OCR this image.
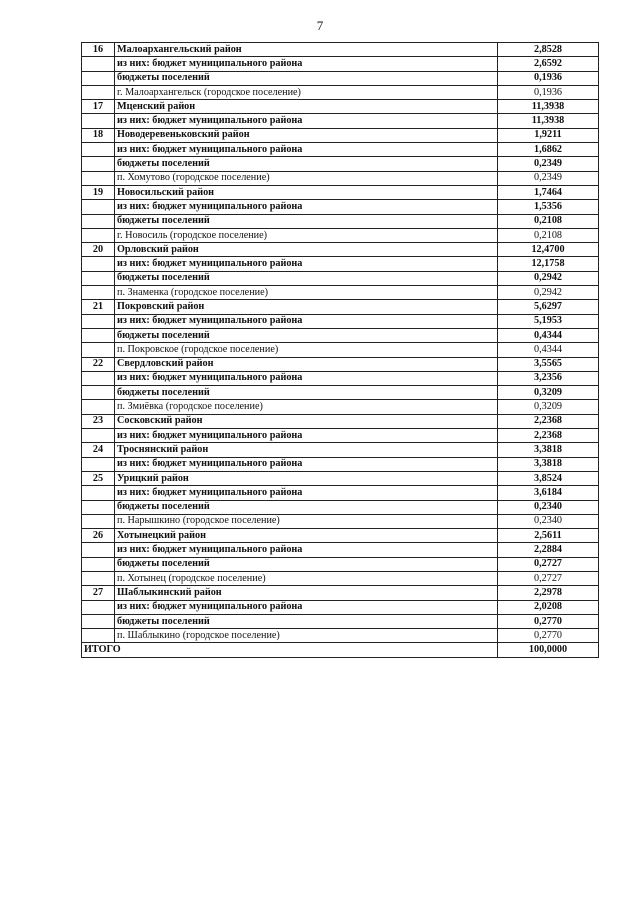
7
16	Малоархангельский район	2,8528
	из них: бюджет муниципального района	2,6592
	бюджеты поселений	0,1936
	г. Малоархангельск (городское поселение)	0,1936
17	Мценский район	11,3938
	из них: бюджет муниципального района	11,3938
18	Новодеревеньковский район	1,9211
	из них: бюджет муниципального района	1,6862
	бюджеты поселений	0,2349
	п. Хомутово (городское поселение)	0,2349
19	Новосильский район	1,7464
	из них: бюджет муниципального района	1,5356
	бюджеты поселений	0,2108
	г. Новосиль (городское поселение)	0,2108
20	Орловский район	12,4700
	из них: бюджет муниципального района	12,1758
	бюджеты поселений	0,2942
	п. Знаменка (городское поселение)	0,2942
21	Покровский район	5,6297
	из них: бюджет муниципального района	5,1953
	бюджеты поселений	0,4344
	п. Покровское (городское поселение)	0,4344
22	Свердловский район	3,5565
	из них: бюджет муниципального района	3,2356
	бюджеты поселений	0,3209
	п. Змиёвка (городское поселение)	0,3209
23	Сосковский район	2,2368
	из них: бюджет муниципального района	2,2368
24	Троснянский район	3,3818
	из них: бюджет муниципального района	3,3818
25	Урицкий район	3,8524
	из них: бюджет муниципального района	3,6184
	бюджеты поселений	0,2340
	п. Нарышкино (городское поселение)	0,2340
26	Хотынецкий район	2,5611
	из них: бюджет муниципального района	2,2884
	бюджеты поселений	0,2727
	п. Хотынец (городское поселение)	0,2727
27	Шаблыкинский район	2,2978
	из них: бюджет муниципального района	2,0208
	бюджеты поселений	0,2770
	п. Шаблыкино (городское поселение)	0,2770
ИТОГО		100,0000
